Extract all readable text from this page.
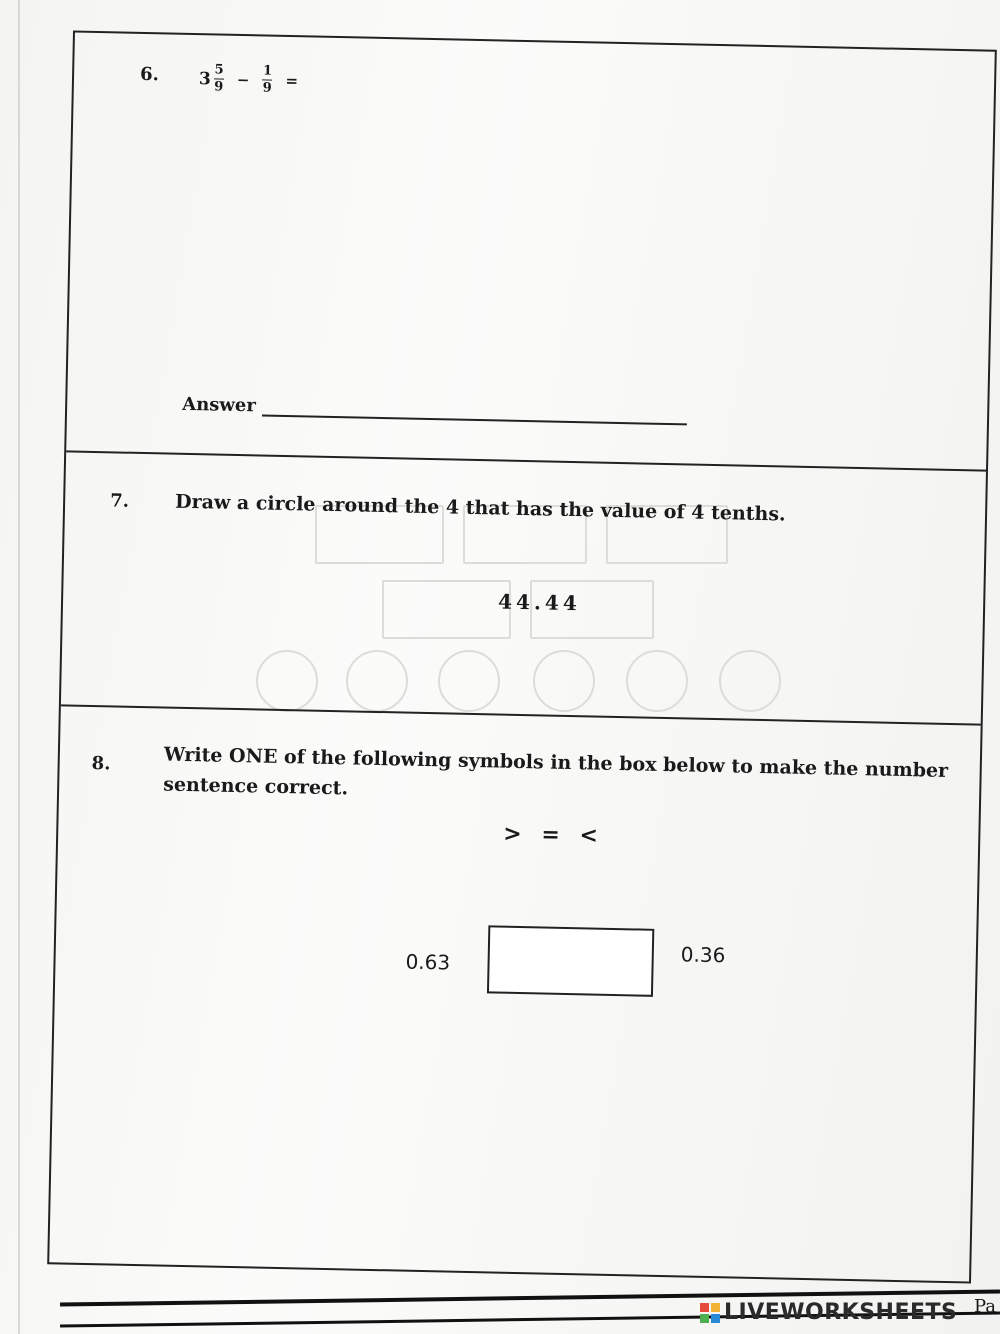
6. $3 \frac{5}{9} - \frac{1}{9}$ =
Answer
7. Draw a circle around the 4 that has the value of 4 tenths.
44.44
8.	Write ONE of the following symbols in the box below to make the number sentence correct.
> = <
0.63	0.36
LIVEWORKSHEETS Pa
